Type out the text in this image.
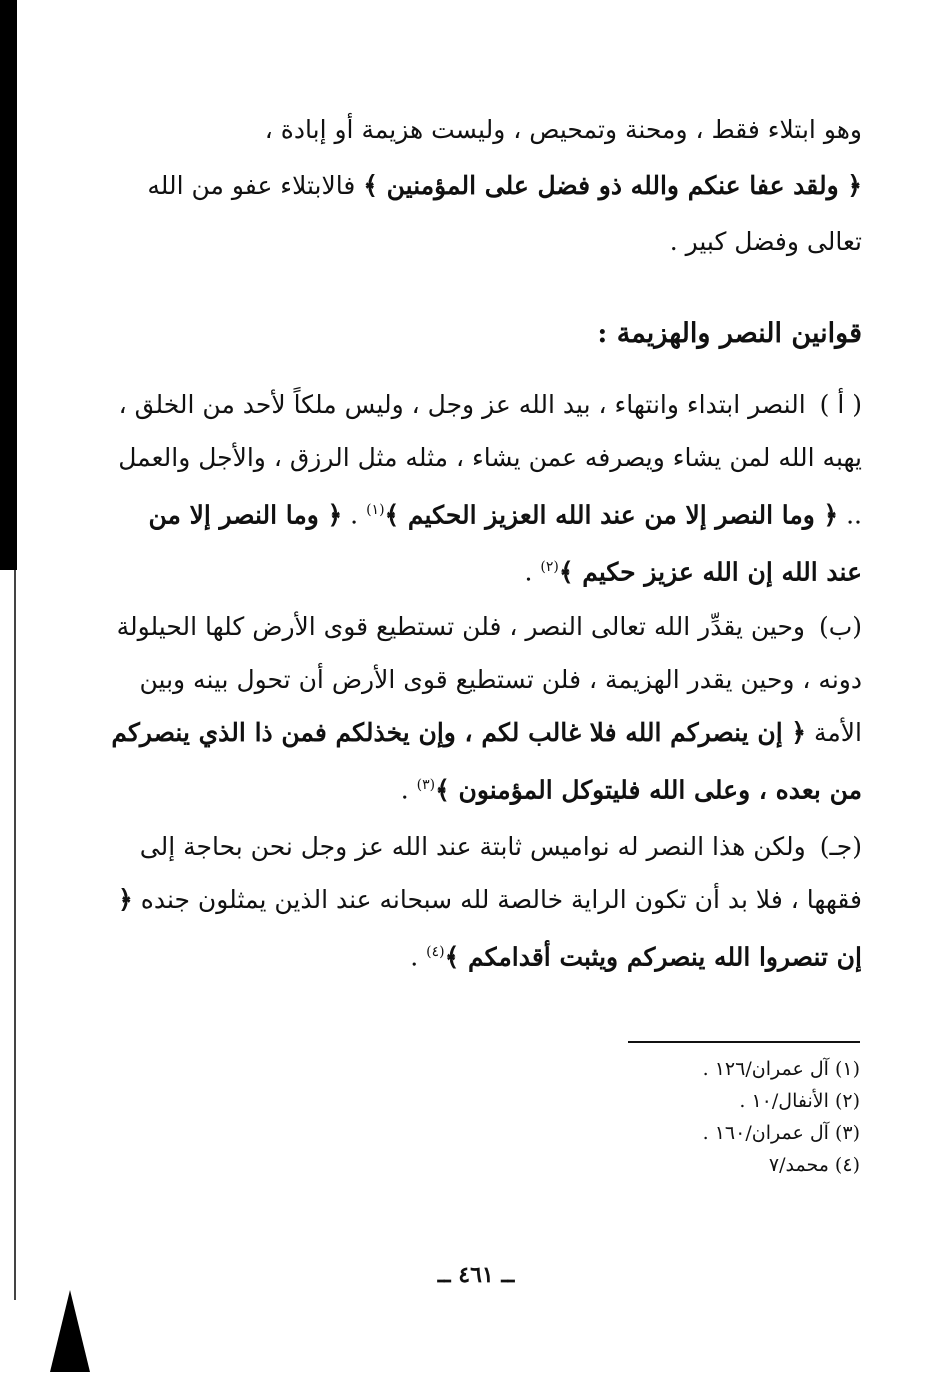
وهو ابتلاء فقط ، ومحنة وتمحيص ، وليست هزيمة أو إبادة ،
﴿ ولقد عفا عنكم والله ذو فضل على المؤمنين ﴾ فالابتلاء عفو من الله
تعالى وفضل كبير .

قوانين النصر والهزيمة :

( أ ) النصر ابتداء وانتهاء ، بيد الله عز وجل ، وليس ملكاً لأحد من الخلق ، يهبه الله لمن يشاء ويصرفه عمن يشاء ، مثله مثل الرزق ، والأجل والعمل .. ﴿ وما النصر إلا من عند الله العزيز الحكيم ﴾$^{(١)}$ . ﴿ وما النصر إلا من عند الله إن الله عزيز حكيم ﴾$^{(٢)}$ .

(ب) وحين يقدِّر الله تعالى النصر ، فلن تستطيع قوى الأرض كلها الحيلولة دونه ، وحين يقدر الهزيمة ، فلن تستطيع قوى الأرض أن تحول بينه وبين الأمة ﴿ إن ينصركم الله فلا غالب لكم ، وإن يخذلكم فمن ذا الذي ينصركم من بعده ، وعلى الله فليتوكل المؤمنون ﴾$^{(٣)}$ .

(جـ) ولكن هذا النصر له نواميس ثابتة عند الله عز وجل نحن بحاجة إلى فقهها ، فلا بد أن تكون الراية خالصة لله سبحانه عند الذين يمثلون جنده ﴿ إن تنصروا الله ينصركم ويثبت أقدامكم ﴾$^{(٤)}$ .

(١) آل عمران/١٢٦ .
(٢) الأنفال/١٠ .
(٣) آل عمران/١٦٠ .
(٤) محمد/٧
ــ ٤٦١ ــ
